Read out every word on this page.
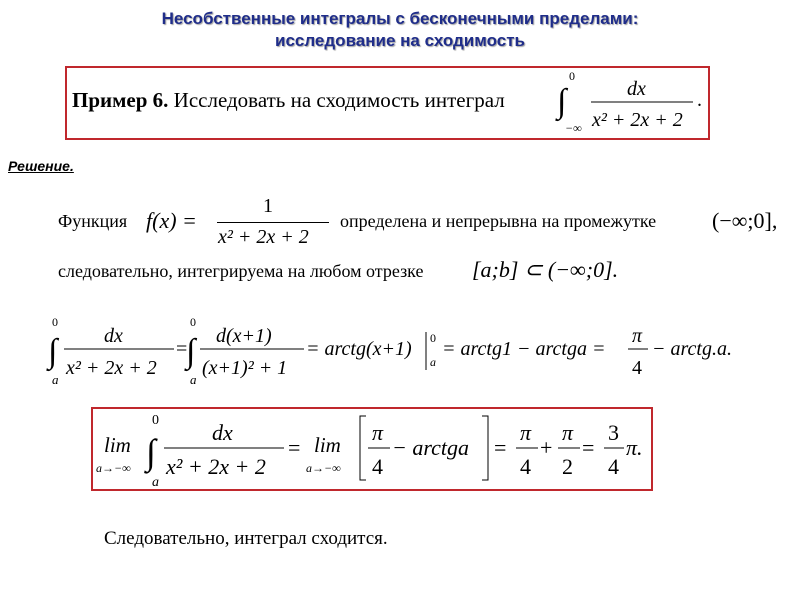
Несобственные интегралы с бесконечными пределами:
исследование на сходимость
Пример 6. Исследовать на сходимость интеграл
0
∫
−∞
dx
x² + 2x + 2
.
Решение.
Функция f(x) =
1
x² + 2x + 2
определена и непрерывна на промежутке	(−∞;0],
следовательно, интегрируема на любом отрезке [a;b] ⊂ (−∞;0].
0
∫
a
dx
x² + 2x + 2
=
0
∫
a
d(x+1)
(x+1)² + 1
= arctg(x+1) 0
a
= arctg1 − arctga =
π
4
− arctg.a.
lim
a→−∞
0
∫
a
dx
x² + 2x + 2
= lim
a→−∞
π
4
− arctga =
π
4
+
π
2
=
3
4
π.
Следовательно, интеграл сходится.
